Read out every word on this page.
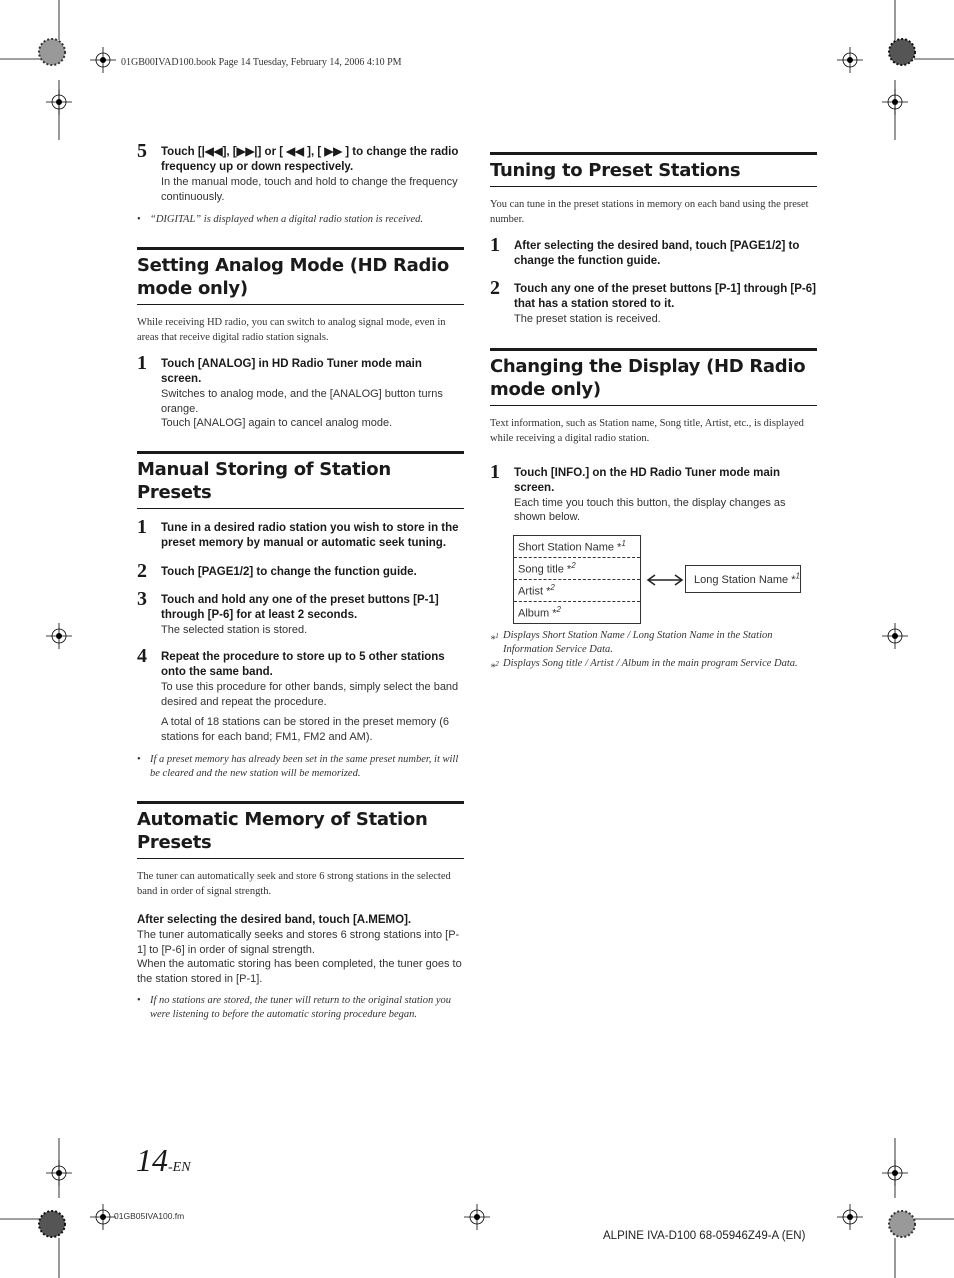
01GB00IVAD100.book Page 14 Tuesday, February 14, 2006 4:10 PM
5 Touch [|◀◀], [▶▶|] or [ ◀◀ ], [ ▶▶ ] to change the radio frequency up or down respectively.
In the manual mode, touch and hold to change the frequency continuously.
• “DIGITAL” is displayed when a digital radio station is received.
Setting Analog Mode (HD Radio mode only)
While receiving HD radio, you can switch to analog signal mode, even in areas that receive digital radio station signals.
1 Touch [ANALOG] in HD Radio Tuner mode main screen.
Switches to analog mode, and the [ANALOG] button turns orange.
Touch [ANALOG] again to cancel analog mode.
Manual Storing of Station Presets
1 Tune in a desired radio station you wish to store in the preset memory by manual or automatic seek tuning.
2 Touch [PAGE1/2] to change the function guide.
3 Touch and hold any one of the preset buttons [P-1] through [P-6] for at least 2 seconds.
The selected station is stored.
4 Repeat the procedure to store up to 5 other stations onto the same band.
To use this procedure for other bands, simply select the band desired and repeat the procedure.
A total of 18 stations can be stored in the preset memory (6 stations for each band; FM1, FM2 and AM).
• If a preset memory has already been set in the same preset number, it will be cleared and the new station will be memorized.
Automatic Memory of Station Presets
The tuner can automatically seek and store 6 strong stations in the selected band in order of signal strength.
After selecting the desired band, touch [A.MEMO].
The tuner automatically seeks and stores 6 strong stations into [P-1] to [P-6] in order of signal strength.
When the automatic storing has been completed, the tuner goes to the station stored in [P-1].
• If no stations are stored, the tuner will return to the original station you were listening to before the automatic storing procedure began.
Tuning to Preset Stations
You can tune in the preset stations in memory on each band using the preset number.
1 After selecting the desired band, touch [PAGE1/2] to change the function guide.
2 Touch any one of the preset buttons [P-1] through [P-6] that has a station stored to it.
The preset station is received.
Changing the Display (HD Radio mode only)
Text information, such as Station name, Song title, Artist, etc., is displayed while receiving a digital radio station.
1 Touch [INFO.] on the HD Radio Tuner mode main screen.
Each time you touch this button, the display changes as shown below.
Short Station Name *$^1$
Song title *$^2$
Artist *$^2$
Album *$^2$
Long Station Name *$^1$
*$^1$ Displays Short Station Name / Long Station Name in the Station Information Service Data.
*$^2$ Displays Song title / Artist / Album in the main program Service Data.
14-EN
01GB05IVA100.fm
ALPINE IVA-D100 68-05946Z49-A (EN)
